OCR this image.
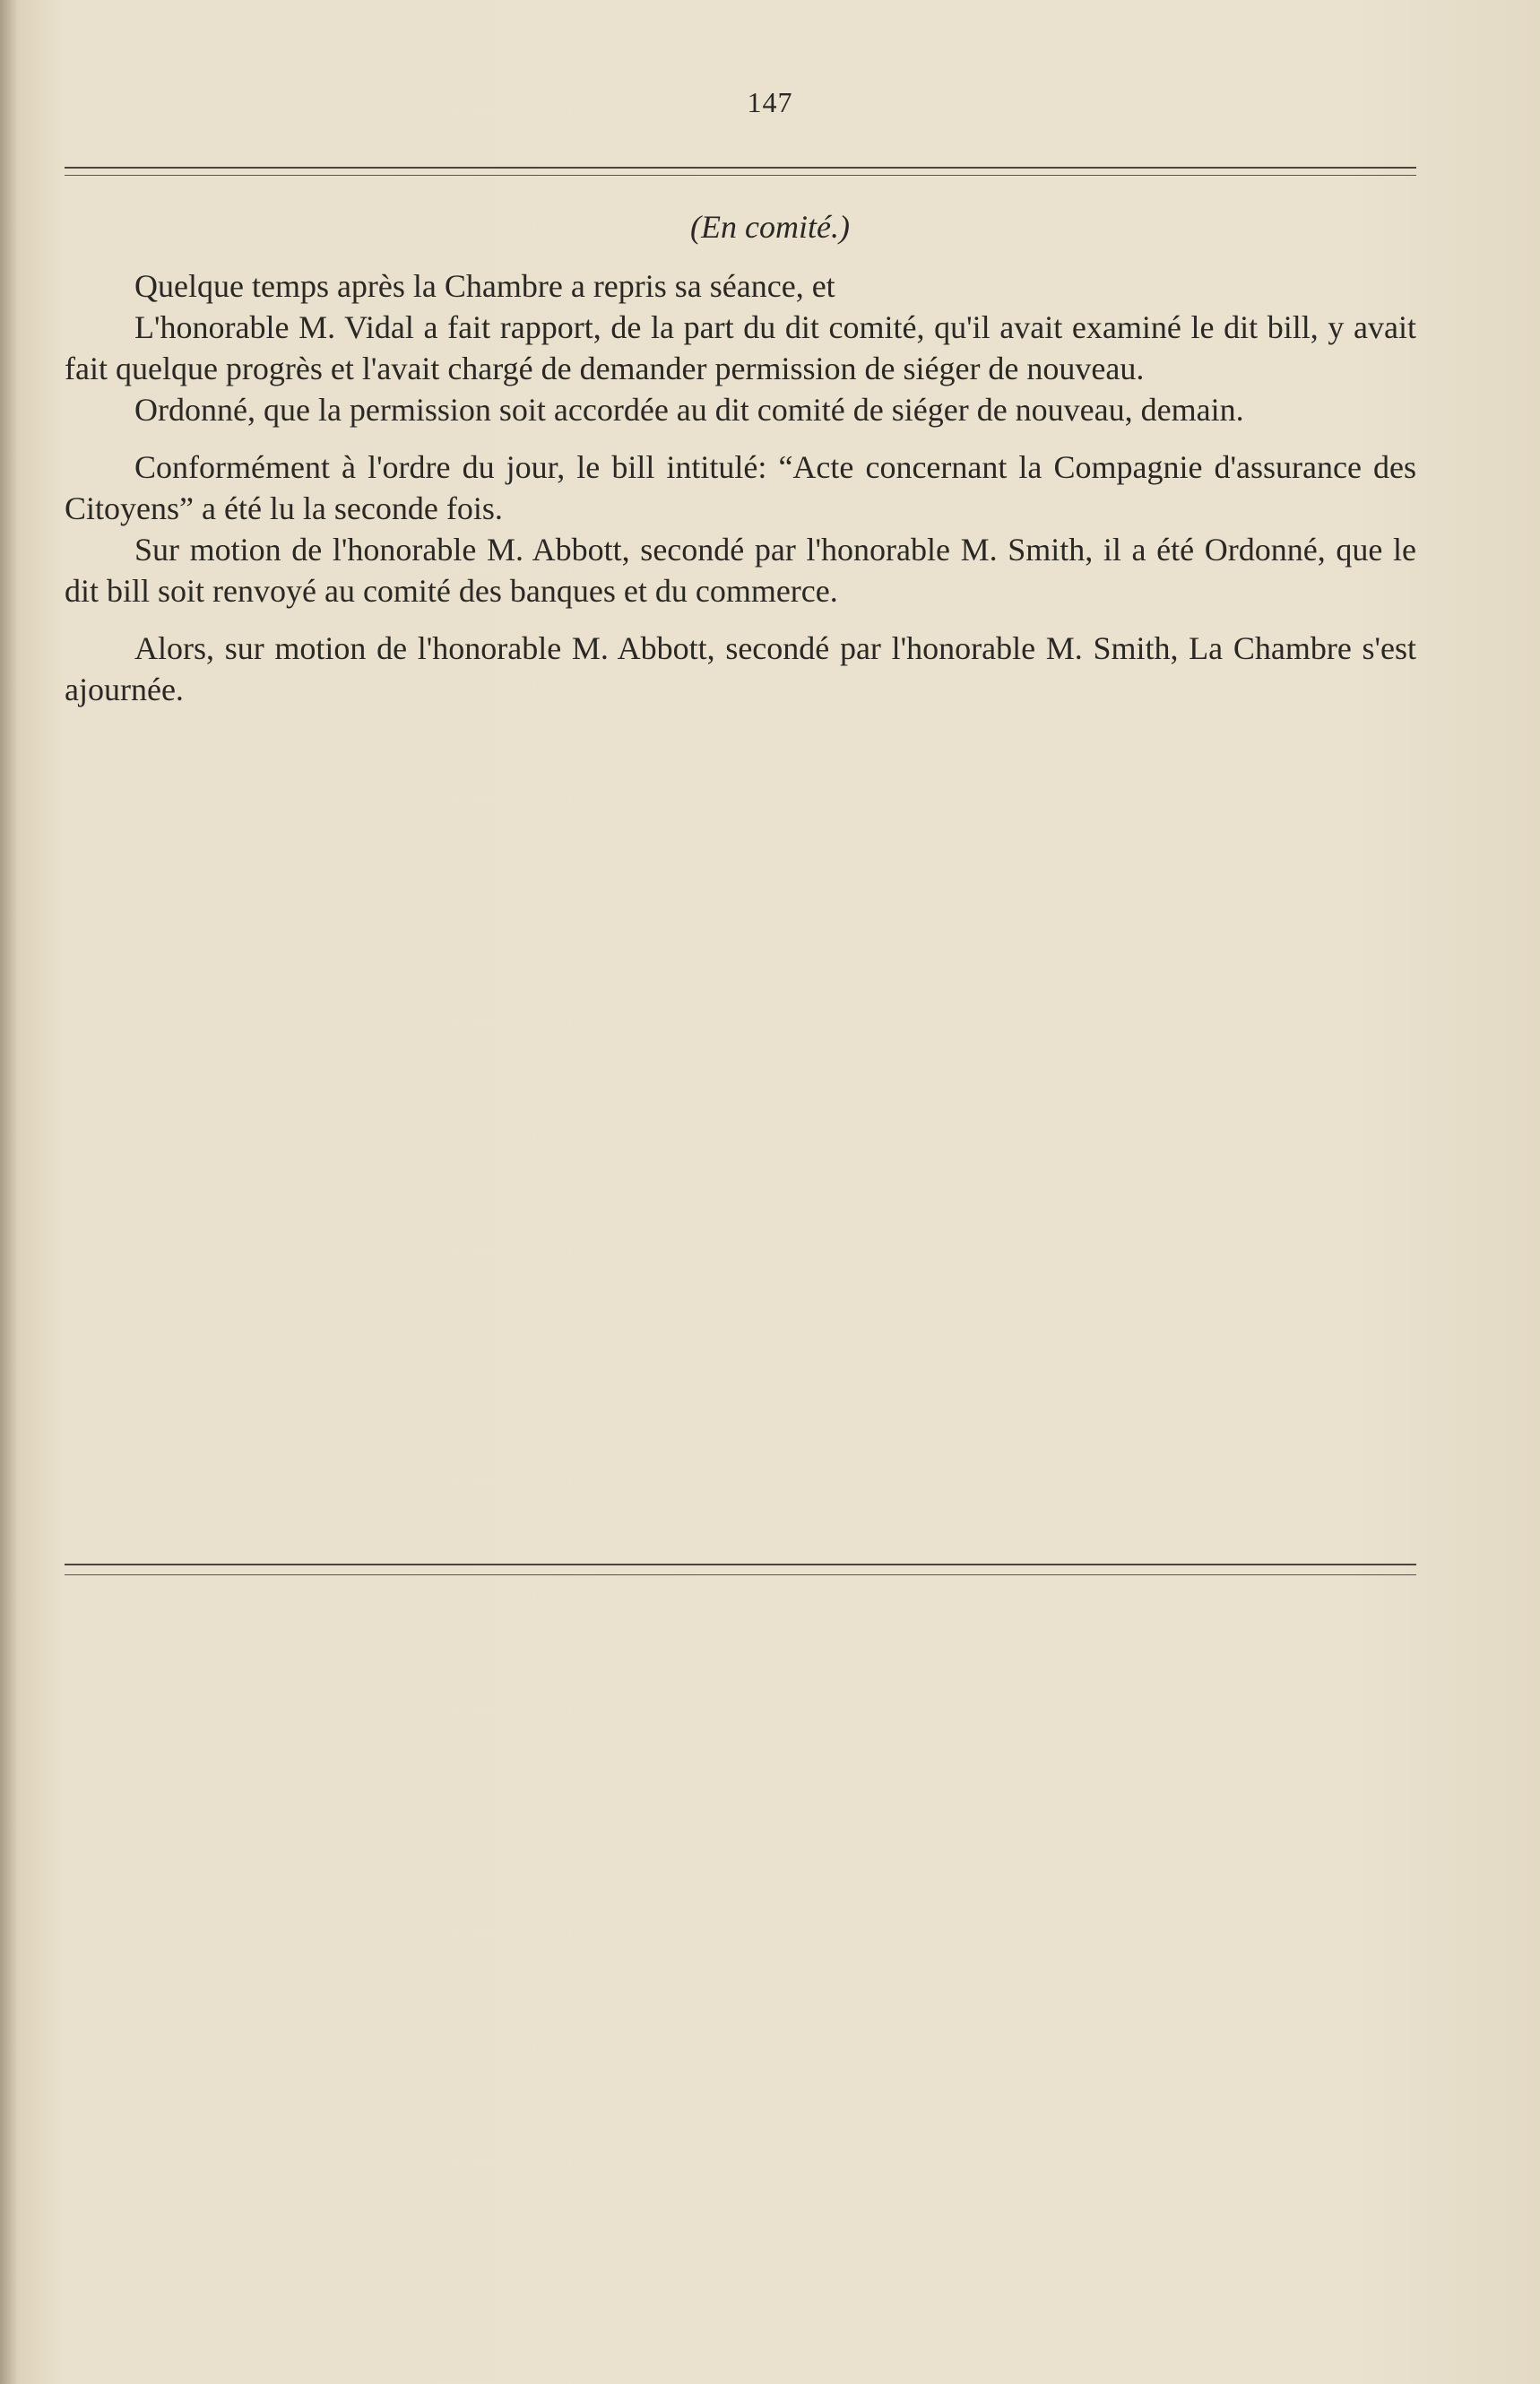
147
(En comité.)

Quelque temps après la Chambre a repris sa séance, et

L'honorable M. Vidal a fait rapport, de la part du dit comité, qu'il avait examiné le dit bill, y avait fait quelque progrès et l'avait chargé de demander permission de siéger de nouveau.

Ordonné, que la permission soit accordée au dit comité de siéger de nouveau, demain.

Conformément à l'ordre du jour, le bill intitulé: “Acte concernant la Compagnie d'assurance des Citoyens” a été lu la seconde fois.

Sur motion de l'honorable M. Abbott, secondé par l'honorable M. Smith, il a été Ordonné, que le dit bill soit renvoyé au comité des banques et du commerce.

Alors, sur motion de l'honorable M. Abbott, secondé par l'honorable M. Smith, La Chambre s'est ajournée.
